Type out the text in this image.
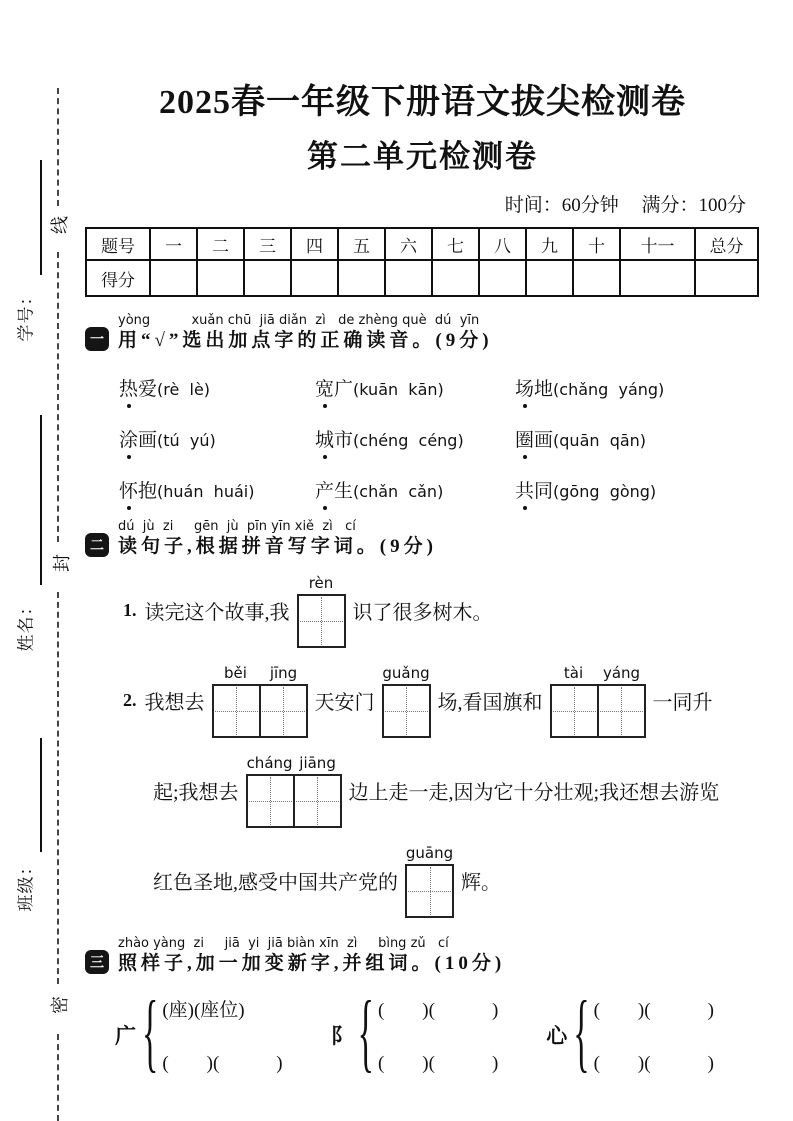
学号：
姓名：
班级：
线
封
密
2025春一年级下册语文拔尖检测卷
第二单元检测卷
时间：60分钟 满分：100分
题号	一	二	三	四	五	六	七	八	九	十	十一	总分
得分												
一
yòng          xuǎn chū  jiā diǎn  zì   de zhèng què  dú  yīn
用“√”选出加点字的正确读音。(9分)
热爱(rè  lè)	宽广(kuān  kān)	场地(chǎng  yáng)
涂画(tú  yú)	城市(chéng  céng)	圈画(quān  qān)
怀抱(huán  huái)	产生(chǎn  cǎn)	共同(gōng  gòng)
二
dú  jù  zi     gēn  jù  pīn yīn xiě  zì   cí
读句子,根据拼音写字词。(9分)
1. 读完这个故事,我
rèn
识了很多树木。
2. 我想去
běi	jīng
天安门
guǎng
场,看国旗和
tài	yáng
一同升
起;我想去
cháng jiāng
边上走一走,因为它十分壮观;我还想去游览
红色圣地,感受中国共产党的
guāng
辉。
三
zhào yàng  zi     jiā  yi  jiā biàn xīn  zì     bìng zǔ   cí
照样子,加一加变新字,并组词。(10分)
广
{
(座)(座位)
(　　)(　　　)
阝
{
(　　)(　　　)
(　　)(　　　)
心
{
(　　)(　　　)
(　　)(　　　)
